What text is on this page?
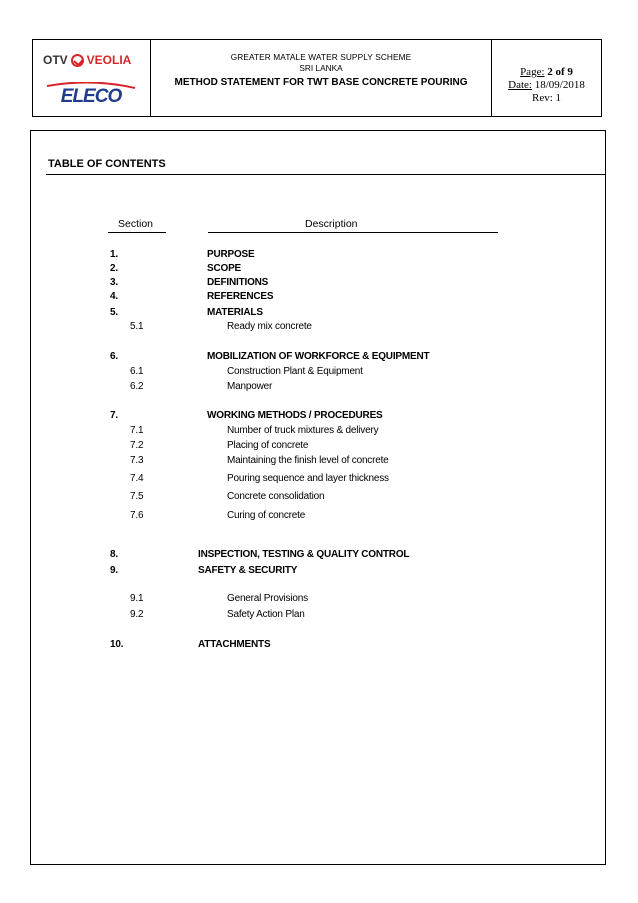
OTV VEOLIA
ELECO
GREATER MATALE WATER SUPPLY SCHEME
SRI LANKA
METHOD STATEMENT FOR TWT BASE CONCRETE POURING
Page: 2 of 9
Date: 18/09/2018
Rev: 1
TABLE OF CONTENTS
Section	Description
1.	PURPOSE
2.	SCOPE
3.	DEFINITIONS
4.	REFERENCES
5.	MATERIALS
5.1	Ready mix concrete
6.	MOBILIZATION OF WORKFORCE & EQUIPMENT
6.1	Construction Plant & Equipment
6.2	Manpower
7.	WORKING METHODS / PROCEDURES
7.1	Number of truck mixtures & delivery
7.2	Placing of concrete
7.3	Maintaining the finish level of concrete
7.4	Pouring sequence and layer thickness
7.5	Concrete consolidation
7.6	Curing of concrete
8.	INSPECTION, TESTING & QUALITY CONTROL
9.	SAFETY & SECURITY
9.1	General Provisions
9.2	Safety Action Plan
10.	ATTACHMENTS
